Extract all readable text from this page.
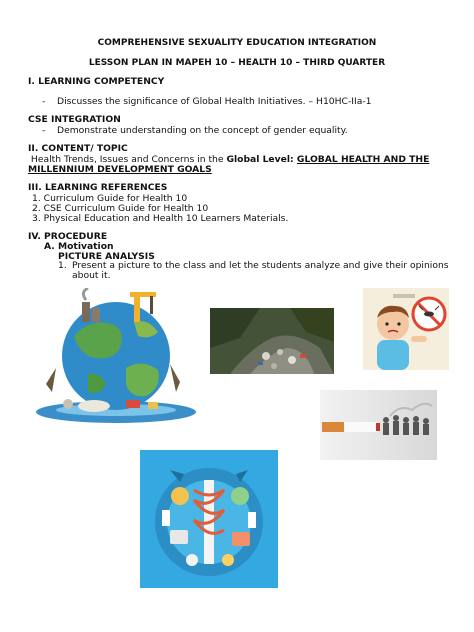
COMPREHENSIVE SEXUALITY EDUCATION INTEGRATION
LESSON PLAN IN MAPEH 10 – HEALTH 10 – THIRD QUARTER
I. LEARNING COMPETENCY
- Discusses the significance of Global Health Initiatives. – H10HC-IIa-1
CSE INTEGRATION
- Demonstrate understanding on the concept of gender equality.
II. CONTENT/ TOPIC
Health Trends, Issues and Concerns in the Global Level: GLOBAL HEALTH AND THE
MILLENNIUM DEVELOPMENT GOALS
III. LEARNING REFERENCES
1. Curriculum Guide for Health 10
2. CSE Curriculum Guide for Health 10
3. Physical Education and Health 10 Learners Materials.
IV. PROCEDURE
A. Motivation
PICTURE ANALYSIS
1. Present a picture to the class and let the students analyze and give their opinions
about it.
